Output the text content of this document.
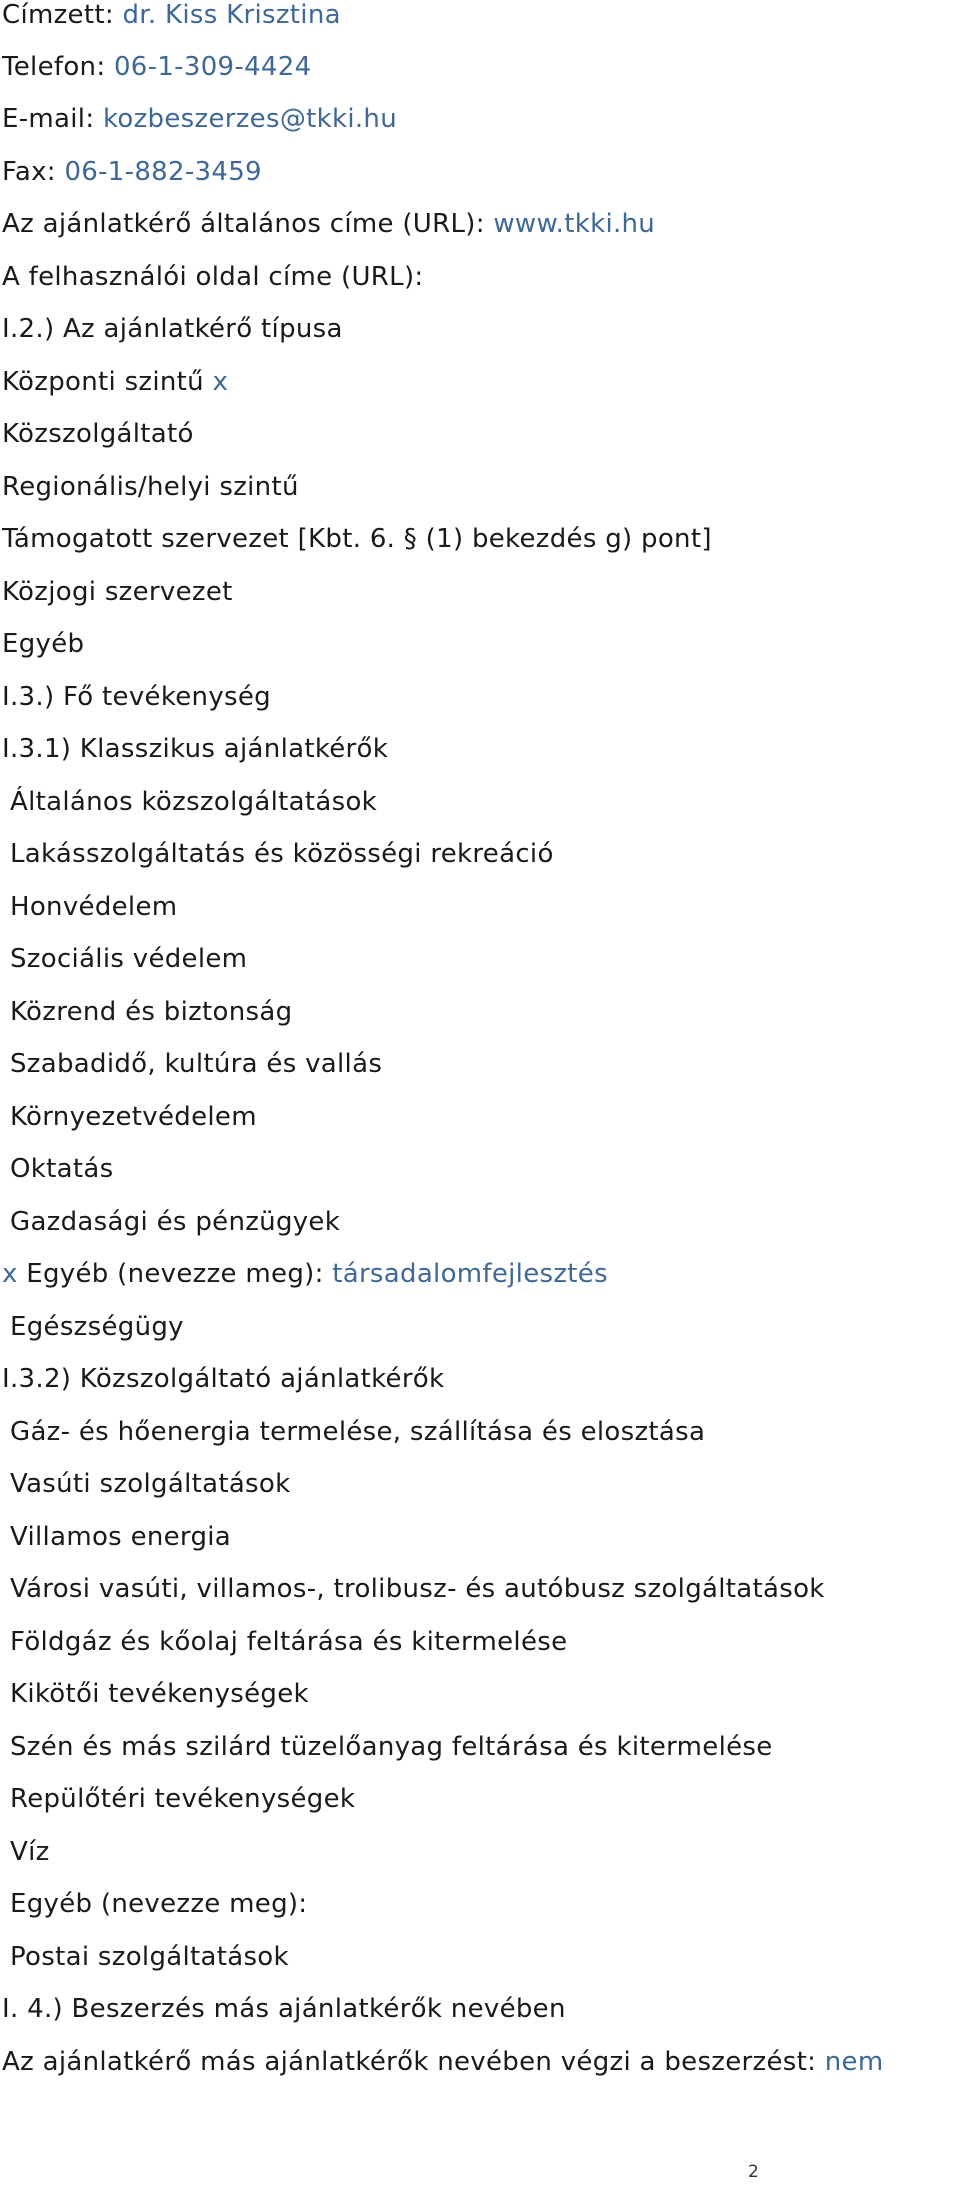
Címzett: dr. Kiss Krisztina
Telefon: 06-1-309-4424
E-mail: kozbeszerzes@tkki.hu
Fax: 06-1-882-3459
Az ajánlatkérő általános címe (URL): www.tkki.hu
A felhasználói oldal címe (URL):
I.2.) Az ajánlatkérő típusa
Központi szintű x
Közszolgáltató
Regionális/helyi szintű
Támogatott szervezet [Kbt. 6. § (1) bekezdés g) pont]
Közjogi szervezet
Egyéb
I.3.) Fő tevékenység
I.3.1) Klasszikus ajánlatkérők
Általános közszolgáltatások
Lakásszolgáltatás és közösségi rekreáció
Honvédelem
Szociális védelem
Közrend és biztonság
Szabadidő, kultúra és vallás
Környezetvédelem
Oktatás
Gazdasági és pénzügyek
x Egyéb (nevezze meg): társadalomfejlesztés
Egészségügy
I.3.2) Közszolgáltató ajánlatkérők
Gáz- és hőenergia termelése, szállítása és elosztása
Vasúti szolgáltatások
Villamos energia
Városi vasúti, villamos-, trolibusz- és autóbusz szolgáltatások
Földgáz és kőolaj feltárása és kitermelése
Kikötői tevékenységek
Szén és más szilárd tüzelőanyag feltárása és kitermelése
Repülőtéri tevékenységek
Víz
Egyéb (nevezze meg):
Postai szolgáltatások
I. 4.) Beszerzés más ajánlatkérők nevében
Az ajánlatkérő más ajánlatkérők nevében végzi a beszerzést: nem
2
